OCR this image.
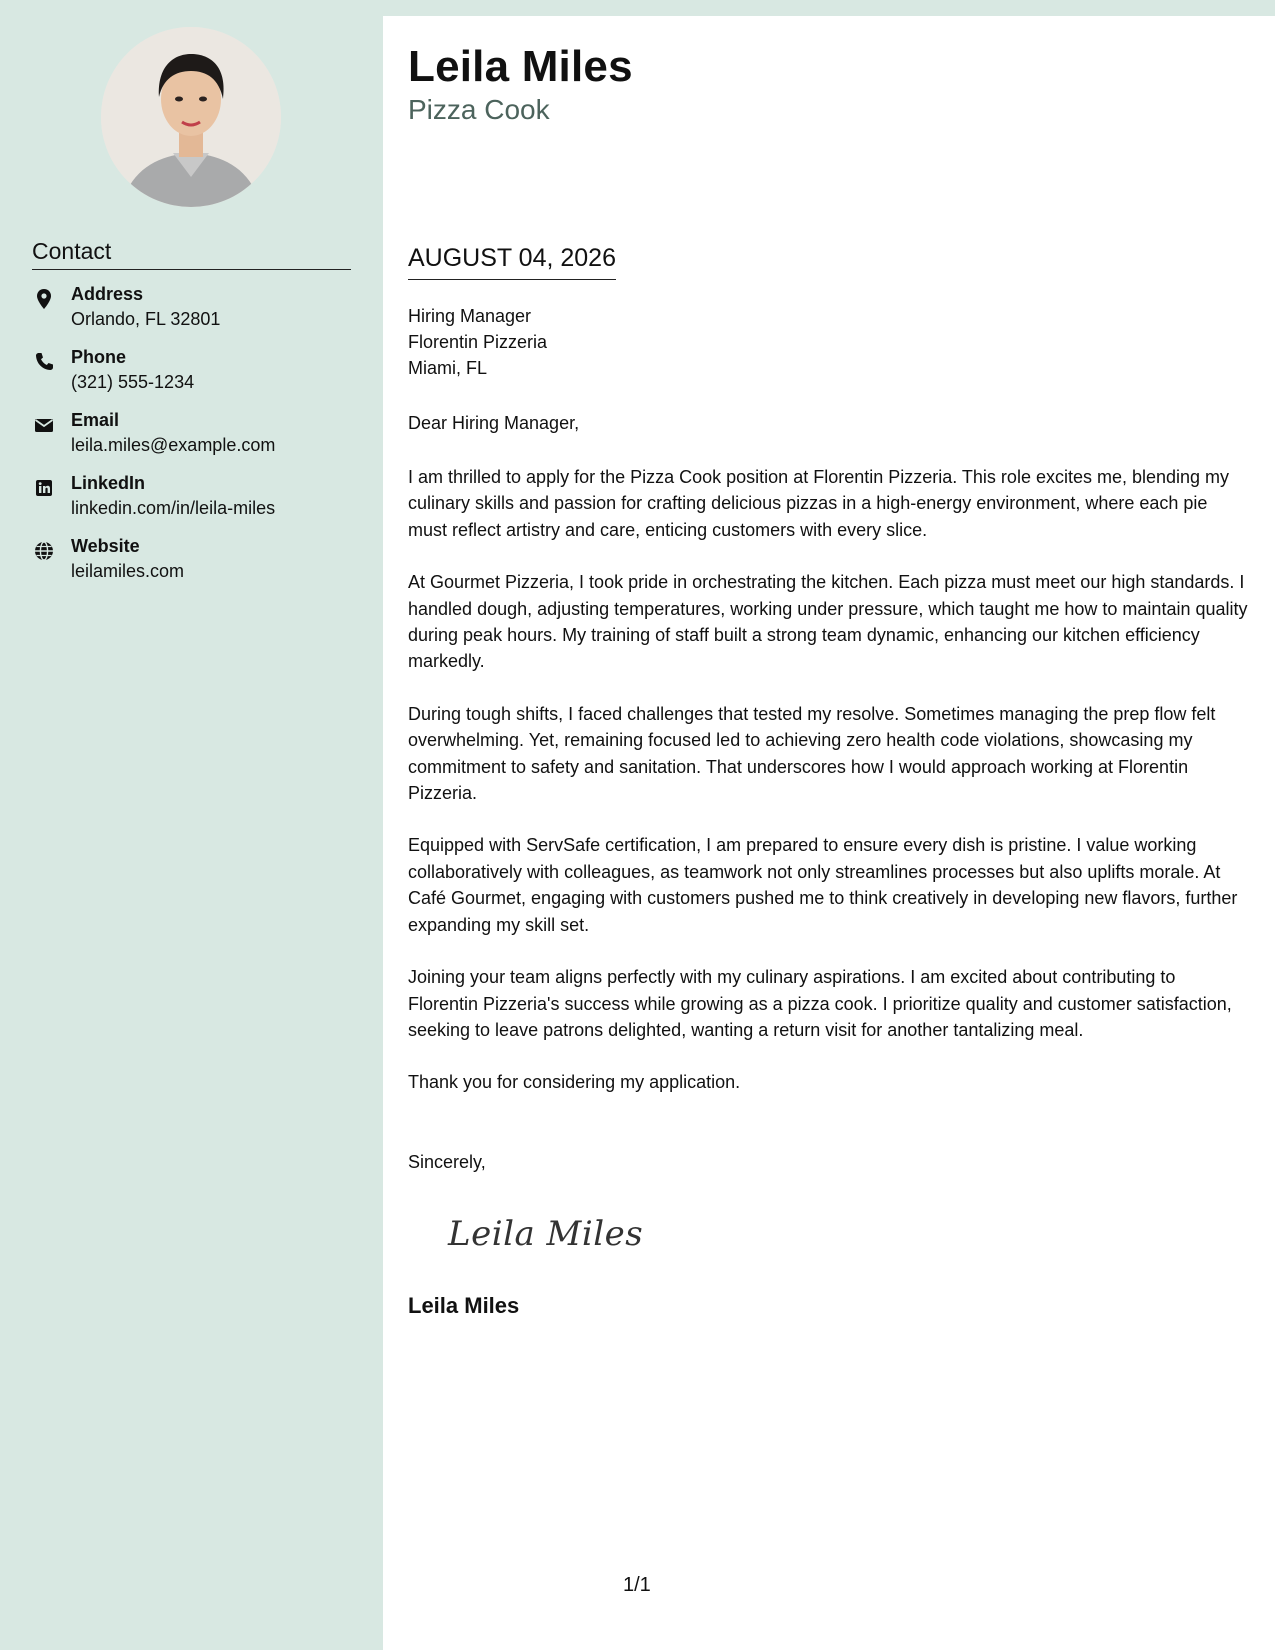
Contact
Address
Orlando, FL 32801
Phone
(321) 555-1234
Email
leila.miles@example.com
LinkedIn
linkedin.com/in/leila-miles
Website
leilamiles.com
Leila Miles
Pizza Cook
AUGUST 04, 2026
Hiring Manager
Florentin Pizzeria
Miami, FL
Dear Hiring Manager,

I am thrilled to apply for the Pizza Cook position at Florentin Pizzeria. This role excites me, blending my culinary skills and passion for crafting delicious pizzas in a high-energy environment, where each pie must reflect artistry and care, enticing customers with every slice.

At Gourmet Pizzeria, I took pride in orchestrating the kitchen. Each pizza must meet our high standards. I handled dough, adjusting temperatures, working under pressure, which taught me how to maintain quality during peak hours. My training of staff built a strong team dynamic, enhancing our kitchen efficiency markedly.

During tough shifts, I faced challenges that tested my resolve. Sometimes managing the prep flow felt overwhelming. Yet, remaining focused led to achieving zero health code violations, showcasing my commitment to safety and sanitation. That underscores how I would approach working at Florentin Pizzeria.

Equipped with ServSafe certification, I am prepared to ensure every dish is pristine. I value working collaboratively with colleagues, as teamwork not only streamlines processes but also uplifts morale. At Café Gourmet, engaging with customers pushed me to think creatively in developing new flavors, further expanding my skill set.

Joining your team aligns perfectly with my culinary aspirations. I am excited about contributing to Florentin Pizzeria's success while growing as a pizza cook. I prioritize quality and customer satisfaction, seeking to leave patrons delighted, wanting a return visit for another tantalizing meal.

Thank you for considering my application.

Sincerely,
Leila Miles
Leila Miles
1/1
